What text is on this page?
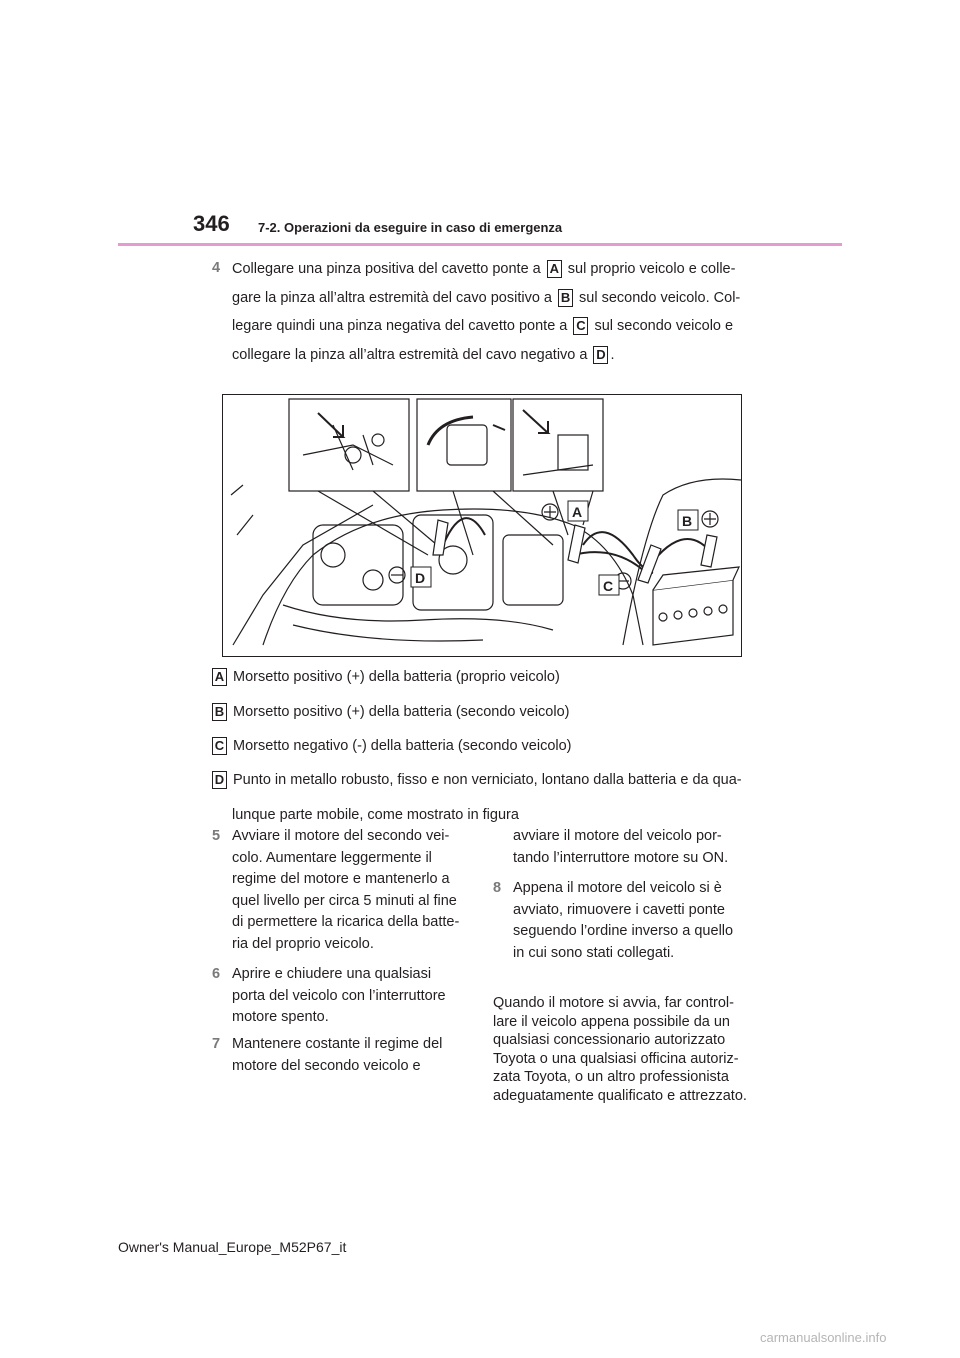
346 7-2. Operazioni da eseguire in caso di emergenza
4 Collegare una pinza positiva del cavetto ponte a A sul proprio veicolo e colle-
gare la pinza all’altra estremità del cavo positivo a B sul secondo veicolo. Col-
legare quindi una pinza negativa del cavetto ponte a C sul secondo veicolo e
collegare la pinza all’altra estremità del cavo negativo a D .
A
B
C
D
A Morsetto positivo (+) della batteria (proprio veicolo)
B Morsetto positivo (+) della batteria (secondo veicolo)
C Morsetto negativo (-) della batteria (secondo veicolo)
D Punto in metallo robusto, fisso e non verniciato, lontano dalla batteria e da qua-
lunque parte mobile, come mostrato in figura
5 Avviare il motore del secondo vei-
colo. Aumentare leggermente il
regime del motore e mantenerlo a
quel livello per circa 5 minuti al fine
di permettere la ricarica della batte-
ria del proprio veicolo.
6 Aprire e chiudere una qualsiasi
porta del veicolo con l’interruttore
motore spento.
7 Mantenere costante il regime del
motore del secondo veicolo e
avviare il motore del veicolo por-
tando l’interruttore motore su ON.
8 Appena il motore del veicolo si è
avviato, rimuovere i cavetti ponte
seguendo l’ordine inverso a quello
in cui sono stati collegati.
Quando il motore si avvia, far control-
lare il veicolo appena possibile da un
qualsiasi concessionario autorizzato
Toyota o una qualsiasi officina autoriz-
zata Toyota, o un altro professionista
adeguatamente qualificato e attrezzato.
Owner's Manual_Europe_M52P67_it
carmanualsonline.info
